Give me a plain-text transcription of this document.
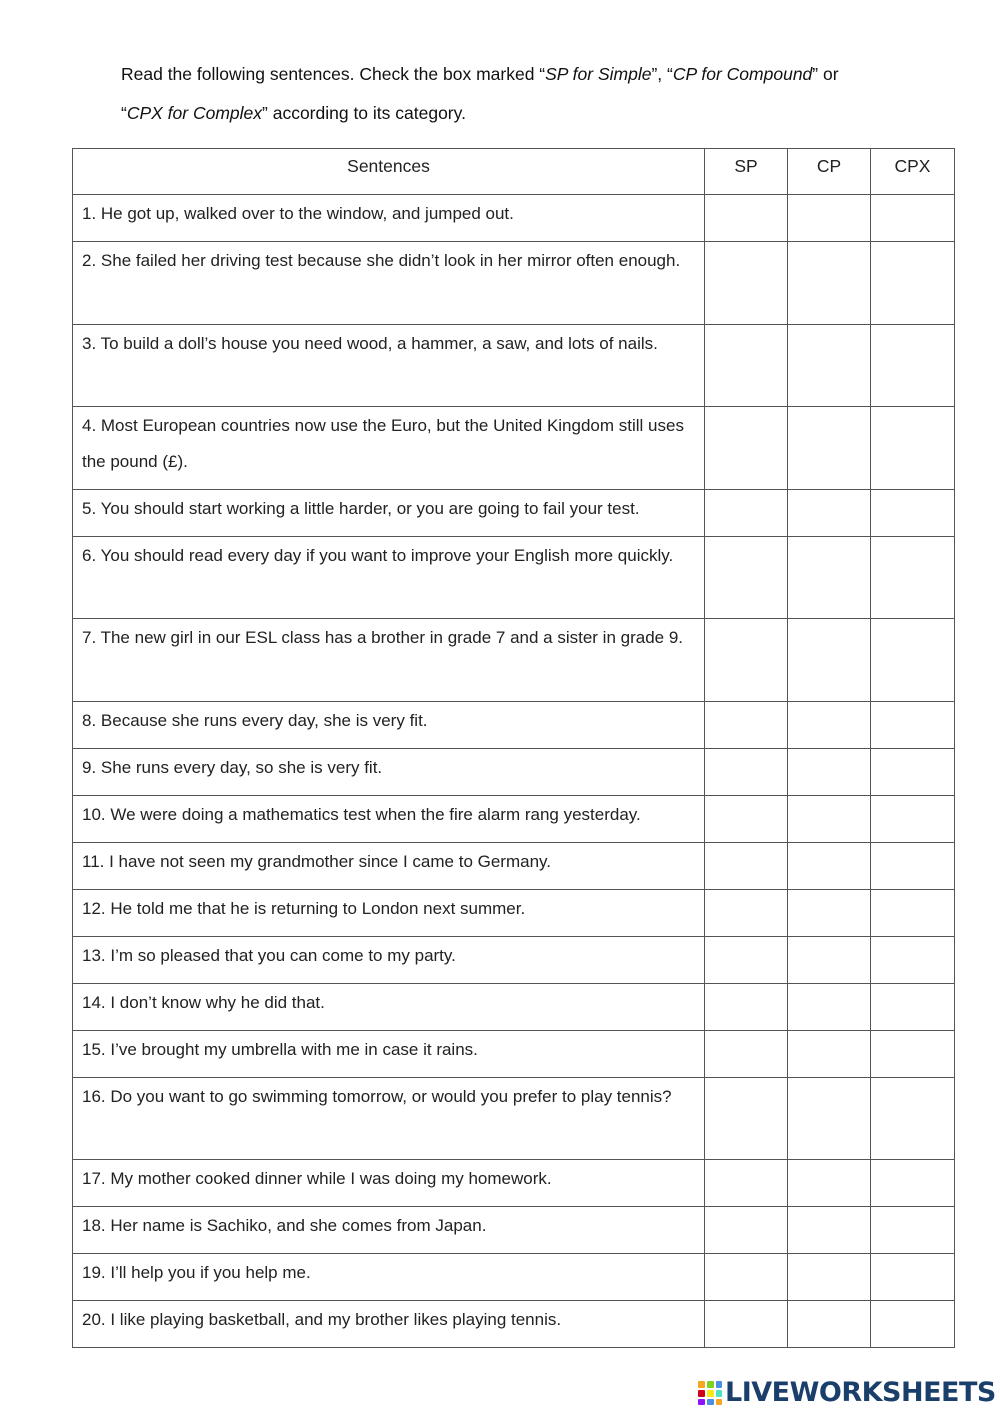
Read the following sentences. Check the box marked “SP for Simple”, “CP for Compound” or “CPX for Complex” according to its category.
Sentences	SP	CP	CPX
1. He got up, walked over to the window, and jumped out.			
2. She failed her driving test because she didn’t look in her mirror often enough.			
3. To build a doll’s house you need wood, a hammer, a saw, and lots of nails.			
4. Most European countries now use the Euro, but the United Kingdom still uses the pound (£).			
5. You should start working a little harder, or you are going to fail your test.			
6. You should read every day if you want to improve your English more quickly.			
7. The new girl in our ESL class has a brother in grade 7 and a sister in grade 9.			
8. Because she runs every day, she is very fit.			
9. She runs every day, so she is very fit.			
10. We were doing a mathematics test when the fire alarm rang yesterday.			
11. I have not seen my grandmother since I came to Germany.			
12. He told me that he is returning to London next summer.			
13. I’m so pleased that you can come to my party.			
14. I don’t know why he did that.			
15. I’ve brought my umbrella with me in case it rains.			
16. Do you want to go swimming tomorrow, or would you prefer to play tennis?			
17. My mother cooked dinner while I was doing my homework.			
18. Her name is Sachiko, and she comes from Japan.			
19. I’ll help you if you help me.			
20. I like playing basketball, and my brother likes playing tennis.			
LIVEWORKSHEETS
